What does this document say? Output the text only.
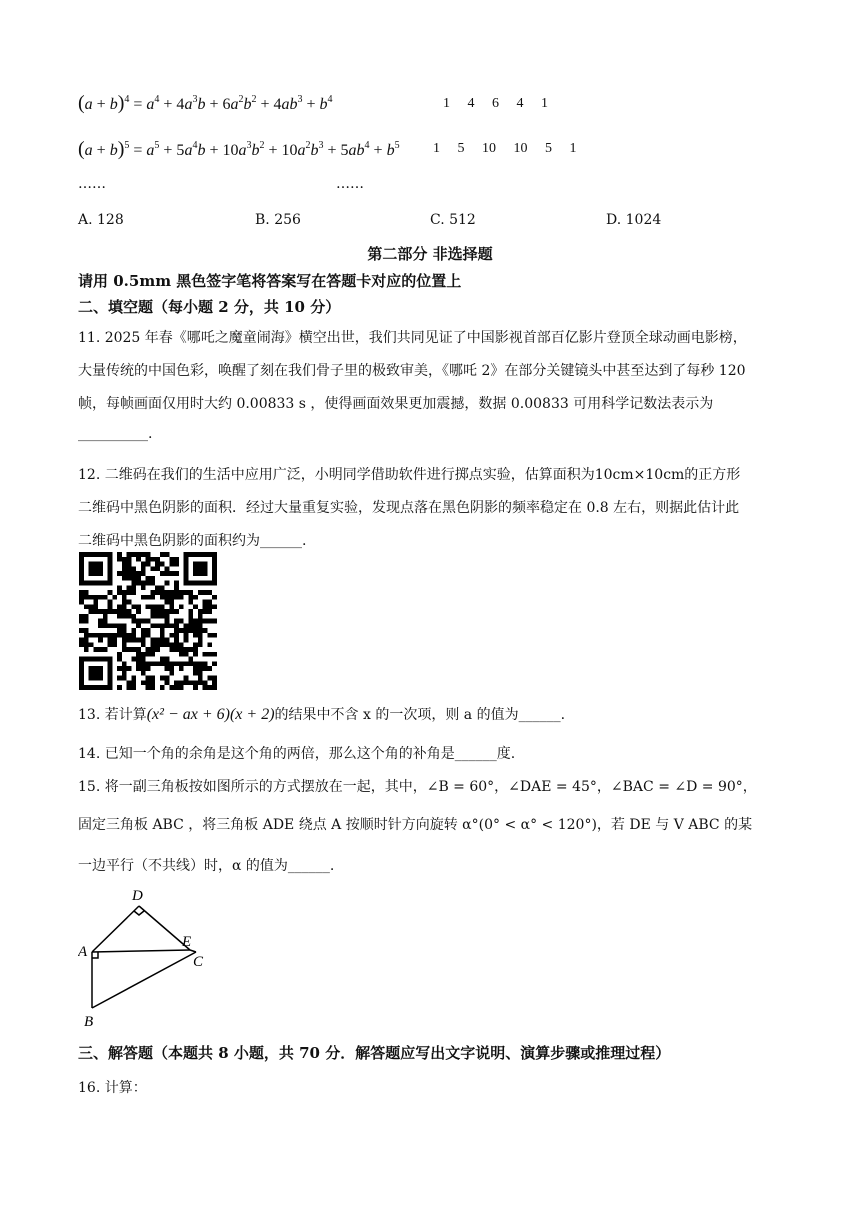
$(a + b)^4 = a^4 + 4a^3b + 6a^2b^2 + 4ab^3 + b^4$	1 4 6 4 1
$(a + b)^5 = a^5 + 5a^4b + 10a^3b^2 + 10a^2b^3 + 5ab^4 + b^5$ 1 5 10 10 5 1
……	……
A. 128	B. 256	C. 512	D. 1024
第二部分 非选择题
请用 0.5mm 黑色签字笔将答案写在答题卡对应的位置上
二、填空题（每小题 2 分，共 10 分）
11. 2025 年春《哪吒之魔童闹海》横空出世，我们共同见证了中国影视首部百亿影片登顶全球动画电影榜，
大量传统的中国色彩，唤醒了刻在我们骨子里的极致审美，《哪吒 2》在部分关键镜头中甚至达到了每秒 120
帧，每帧画面仅用时大约 0.00833 s ，使得画面效果更加震撼，数据 0.00833 可用科学记数法表示为
__________.
12. 二维码在我们的生活中应用广泛，小明同学借助软件进行掷点实验，估算面积为10cm×10cm的正方形
二维码中黑色阴影的面积．经过大量重复实验，发现点落在黑色阴影的频率稳定在 0.8 左右，则据此估计此
二维码中黑色阴影的面积约为______.
13. 若计算(x² − ax + 6)(x + 2)的结果中不含 x 的一次项，则 a 的值为______.
14. 已知一个角的余角是这个角的两倍，那么这个角的补角是______度.
15. 将一副三角板按如图所示的方式摆放在一起，其中，∠B = 60°，∠DAE = 45°，∠BAC = ∠D = 90°，
固定三角板 ABC ，将三角板 ADE 绕点 A 按顺时针方向旋转 α°(0° < α° < 120°)，若 DE 与 V ABC 的某
一边平行（不共线）时，α 的值为______.
D
A
E
C
B
三、解答题（本题共 8 小题，共 70 分．解答题应写出文字说明、演算步骤或推理过程）
16. 计算：
